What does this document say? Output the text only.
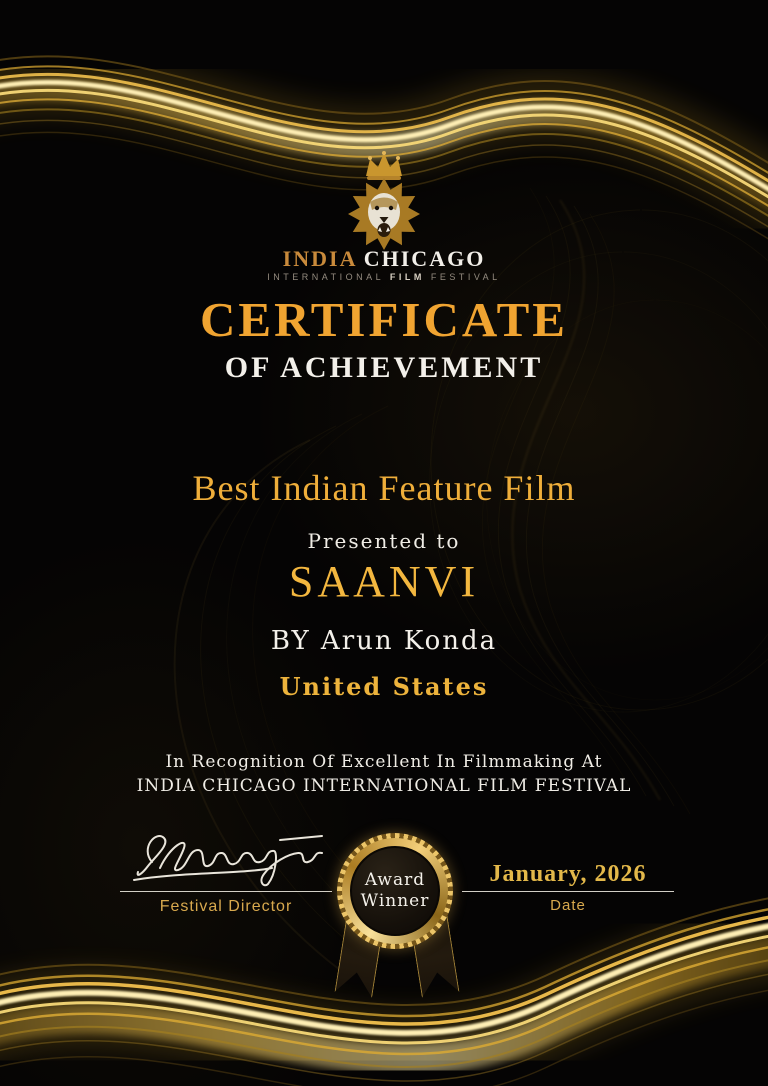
INDIA CHICAGO
INTERNATIONAL FILM FESTIVAL
CERTIFICATE
OF ACHIEVEMENT
Best Indian Feature Film
Presented to
SAANVI
BY Arun Konda
United States
In Recognition Of Excellent In Filmmaking At
INDIA CHICAGO INTERNATIONAL FILM FESTIVAL
Festival Director
Award
Winner
January, 2026
Date
